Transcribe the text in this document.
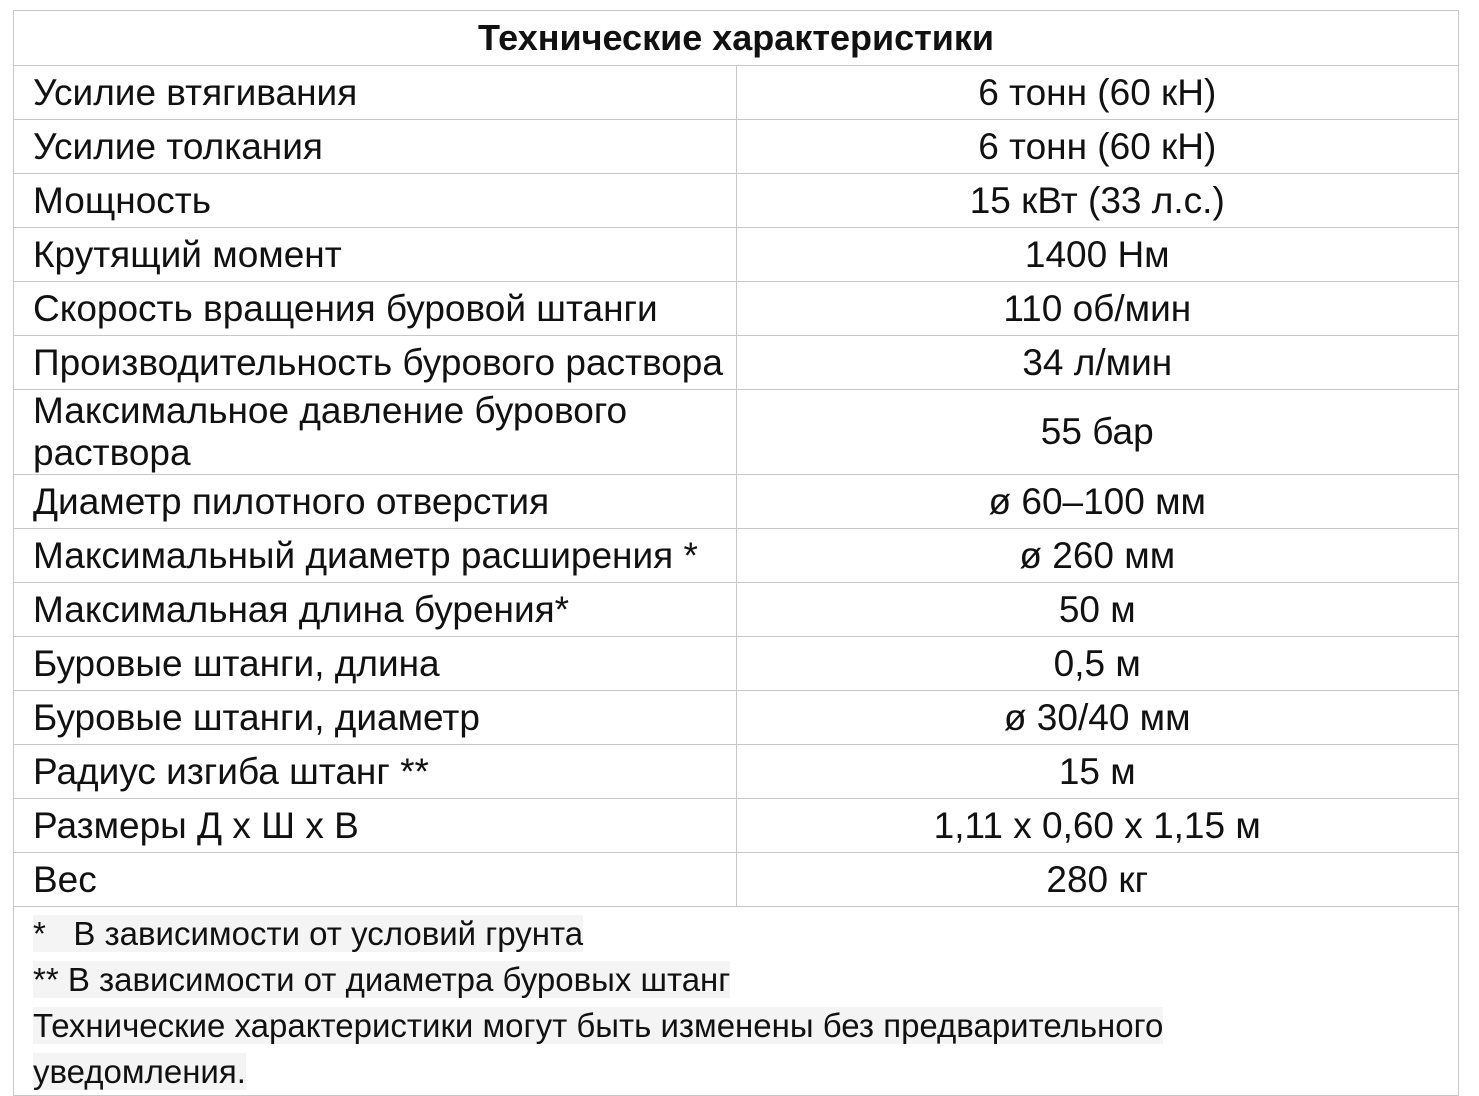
Технические характеристики	
Усилие втягивания	6 тонн (60 кН)
Усилие толкания	6 тонн (60 кН)
Мощность	15 кВт (33 л.с.)
Крутящий момент	1400 Нм
Скорость вращения буровой штанги	110 об/мин
Производительность бурового раствора	34 л/мин
Максимальное давление бурового раствора	55 бар
Диаметр пилотного отверстия	ø 60–100 мм
Максимальный диаметр расширения *	ø 260 мм
Максимальная длина бурения*	50 м
Буровые штанги, длина	0,5 м
Буровые штанги, диаметр	ø 30/40 мм
Радиус изгиба штанг **	15 м
Размеры Д х Ш х В	1,11 х 0,60 х 1,15 м
Вес	280 кг

* В зависимости от условий грунта
** В зависимости от диаметра буровых штанг
Технические характеристики могут быть изменены без предварительного
уведомления.	
